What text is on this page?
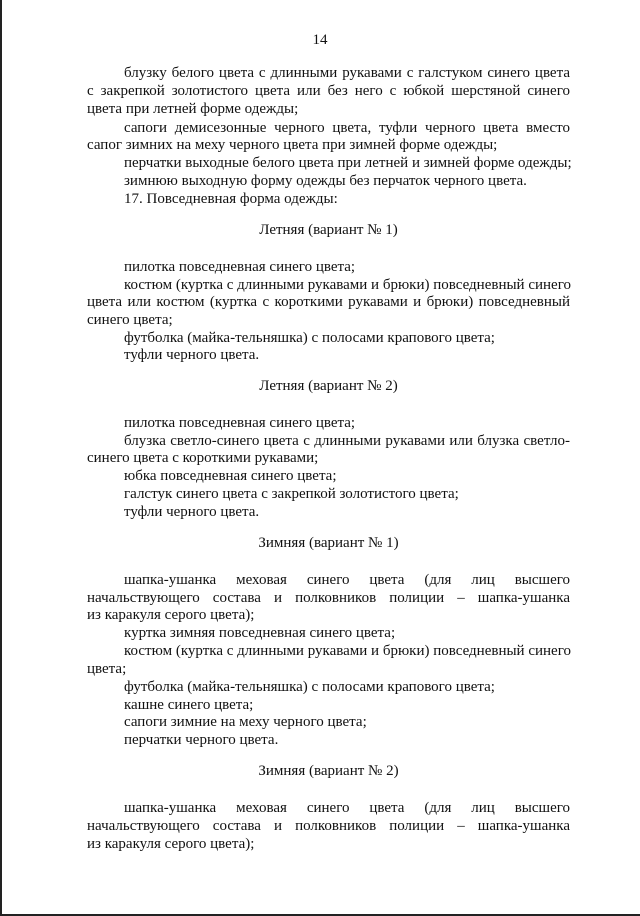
14
блузку белого цвета с длинными рукавами с галстуком синего цвета
с закрепкой золотистого цвета или без него с юбкой шерстяной синего
цвета при летней форме одежды;
сапоги демисезонные черного цвета, туфли черного цвета вместо
сапог зимних на меху черного цвета при зимней форме одежды;
перчатки выходные белого цвета при летней и зимней форме одежды;
зимнюю выходную форму одежды без перчаток черного цвета.
17. Повседневная форма одежды:
Летняя (вариант № 1)
пилотка повседневная синего цвета;
костюм (куртка с длинными рукавами и брюки) повседневный синего
цвета или костюм (куртка с короткими рукавами и брюки) повседневный
синего цвета;
футболка (майка-тельняшка) с полосами крапового цвета;
туфли черного цвета.
Летняя (вариант № 2)
пилотка повседневная синего цвета;
блузка светло-синего цвета с длинными рукавами или блузка светло-
синего цвета с короткими рукавами;
юбка повседневная синего цвета;
галстук синего цвета с закрепкой золотистого цвета;
туфли черного цвета.
Зимняя (вариант № 1)
шапка-ушанка меховая синего цвета (для лиц высшего
начальствующего состава и полковников полиции – шапка-ушанка
из каракуля серого цвета);
куртка зимняя повседневная синего цвета;
костюм (куртка с длинными рукавами и брюки) повседневный синего
цвета;
футболка (майка-тельняшка) с полосами крапового цвета;
кашне синего цвета;
сапоги зимние на меху черного цвета;
перчатки черного цвета.
Зимняя (вариант № 2)
шапка-ушанка меховая синего цвета (для лиц высшего
начальствующего состава и полковников полиции – шапка-ушанка
из каракуля серого цвета);
